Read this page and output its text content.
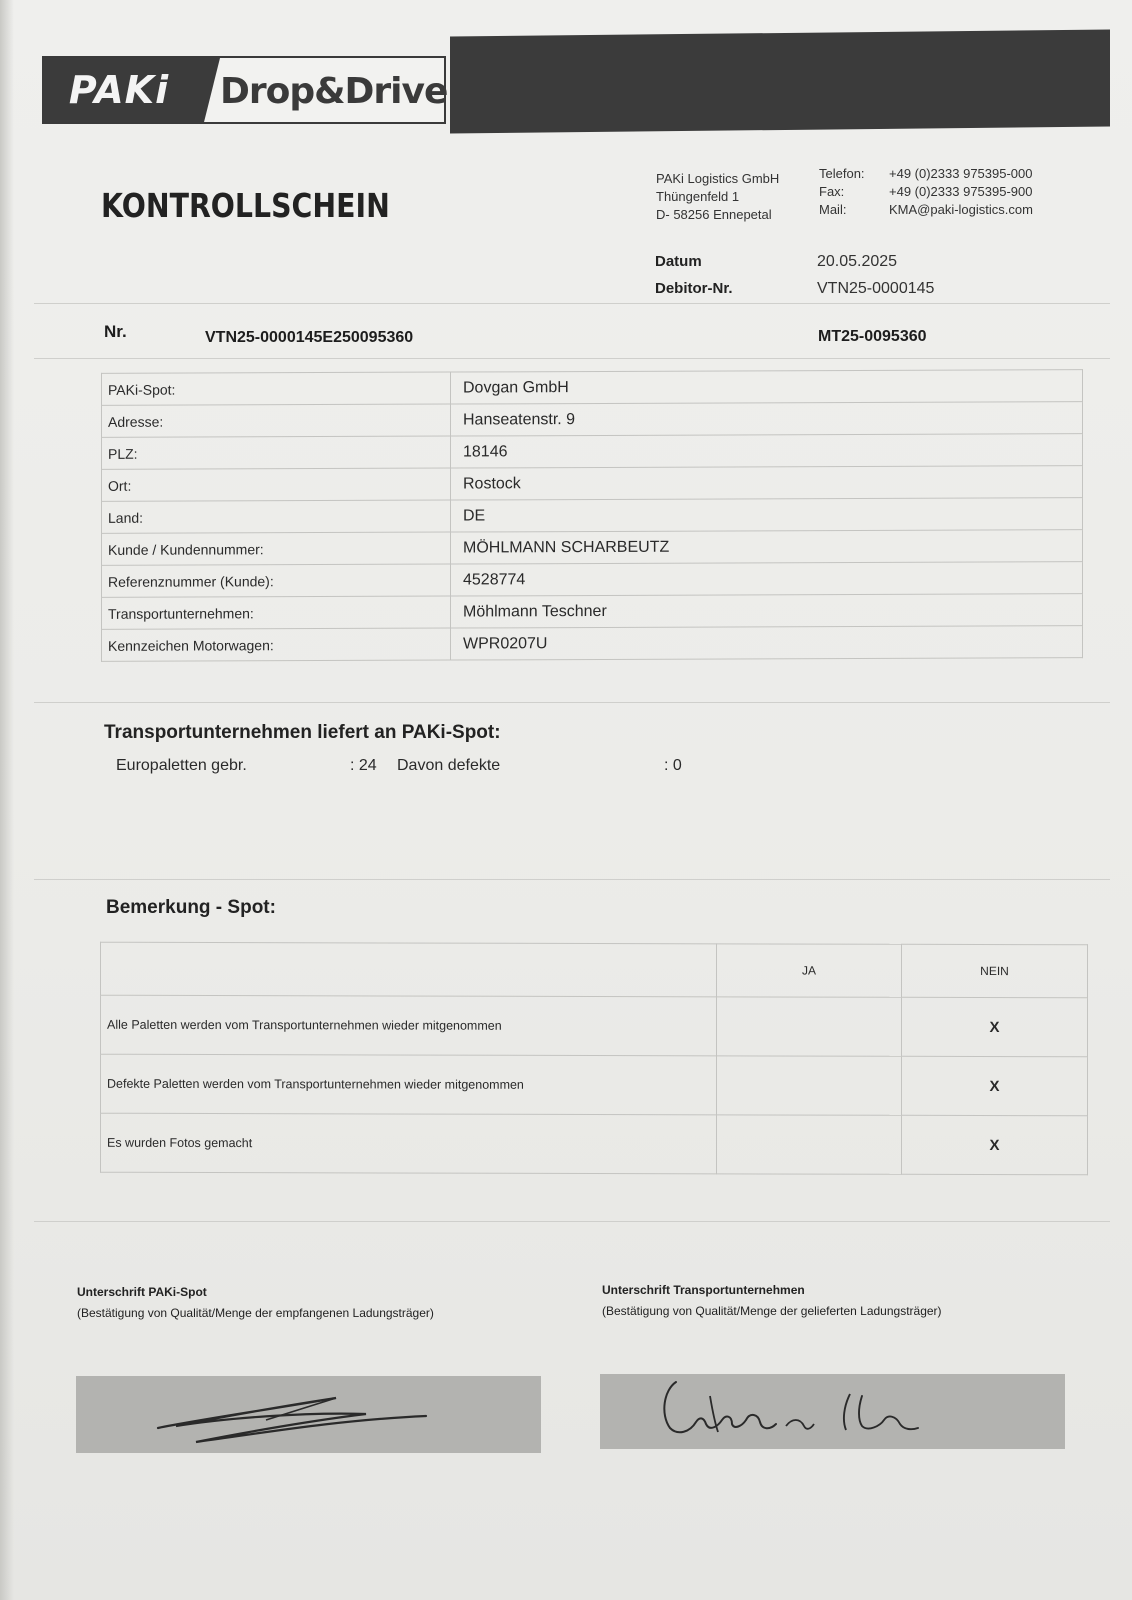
PAKi	Drop&Drive
KONTROLLSCHEIN
PAKi Logistics GmbH
Thüngenfeld 1
D- 58256 Ennepetal
Telefon:	+49 (0)2333 975395-000
Fax:	+49 (0)2333 975395-900
Mail:	KMA@paki-logistics.com
Datum	20.05.2025
Debitor-Nr.	VTN25-0000145
Nr.	VTN25-0000145E250095360	MT25-0095360
PAKi-Spot:	Dovgan GmbH
Adresse:	Hanseatenstr. 9
PLZ:	18146
Ort:	Rostock
Land:	DE
Kunde / Kundennummer:	MÖHLMANN SCHARBEUTZ
Referenznummer (Kunde):	4528774
Transportunternehmen:	Möhlmann Teschner
Kennzeichen Motorwagen:	WPR0207U
Transportunternehmen liefert an PAKi-Spot:
Europaletten gebr.	: 24 Davon defekte	: 0
Bemerkung - Spot:
	JA	NEIN
Alle Paletten werden vom Transportunternehmen wieder mitgenommen		X
Defekte Paletten werden vom Transportunternehmen wieder mitgenommen		X
Es wurden Fotos gemacht		X
Unterschrift PAKi-Spot
(Bestätigung von Qualität/Menge der empfangenen Ladungsträger)
Unterschrift Transportunternehmen
(Bestätigung von Qualität/Menge der gelieferten Ladungsträger)
